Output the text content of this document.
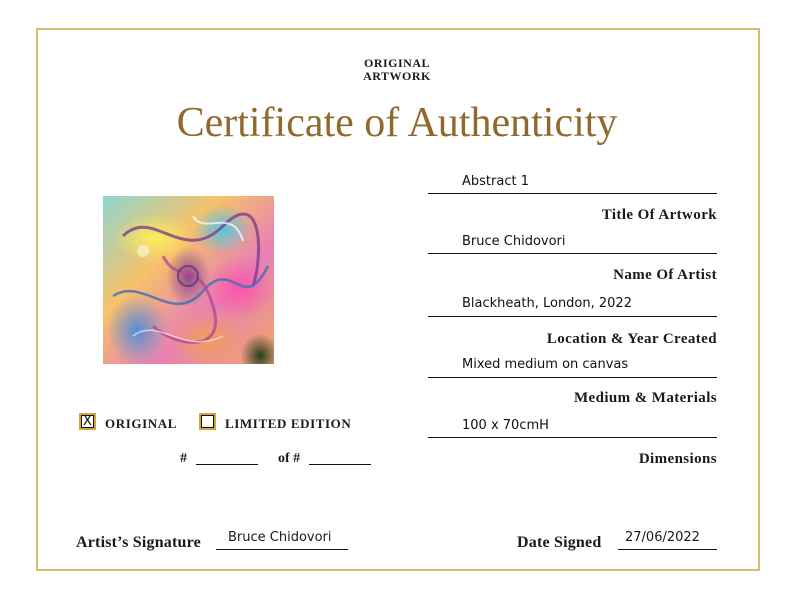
ORIGINAL
ARTWORK
Certificate of Authenticity
Abstract 1
Title Of Artwork
Bruce Chidovori
Name Of Artist
Blackheath, London, 2022
Location & Year Created
Mixed medium on canvas
Medium & Materials
100 x 70cmH
Dimensions
X	ORIGINAL	LIMITED EDITION
#	of #
Artist’s Signature Bruce Chidovori	Date Signed 27/06/2022
